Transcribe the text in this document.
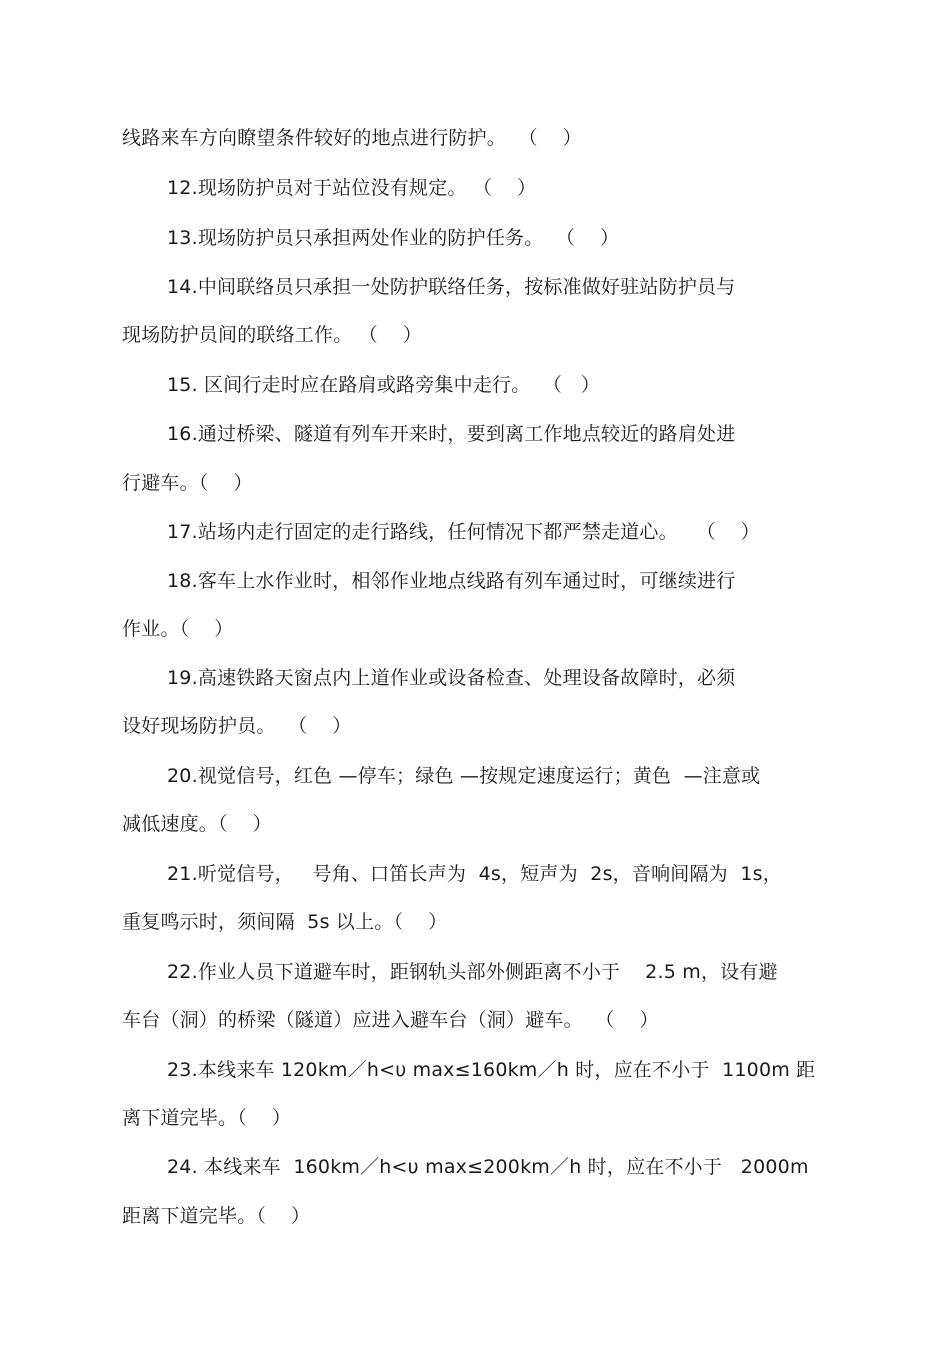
线路来车方向瞭望条件较好的地点进行防护。  （    ）
12.现场防护员对于站位没有规定。 （    ）
13.现场防护员只承担两处作业的防护任务。  （    ）
14.中间联络员只承担一处防护联络任务，按标准做好驻站防护员与
现场防护员间的联络工作。 （    ）
15. 区间行走时应在路肩或路旁集中走行。  （   ）
16.通过桥梁、隧道有列车开来时，要到离工作地点较近的路肩处进
行避车。（    ）
17.站场内走行固定的走行路线，任何情况下都严禁走道心。   （    ）
18.客车上水作业时，相邻作业地点线路有列车通过时，可继续进行
作业。（    ）
19.高速铁路天窗点内上道作业或设备检查、处理设备故障时，必须
设好现场防护员。  （    ）
20.视觉信号，红色 —停车；绿色 —按规定速度运行；黄色  —注意或
减低速度。（    ）
21.听觉信号，   号角、口笛长声为  4s，短声为  2s，音响间隔为  1s，
重复鸣示时，须间隔  5s 以上。（    ）
22.作业人员下道避车时，距钢轨头部外侧距离不小于    2.5 m，设有避
车台（洞）的桥梁（隧道）应进入避车台（洞）避车。  （    ）
23.本线来车 120km／h<υ max≤160km／h 时，应在不小于  1100m 距
离下道完毕。（    ）
24. 本线来车  160km／h<υ max≤200km／h 时，应在不小于   2000m
距离下道完毕。（    ）
